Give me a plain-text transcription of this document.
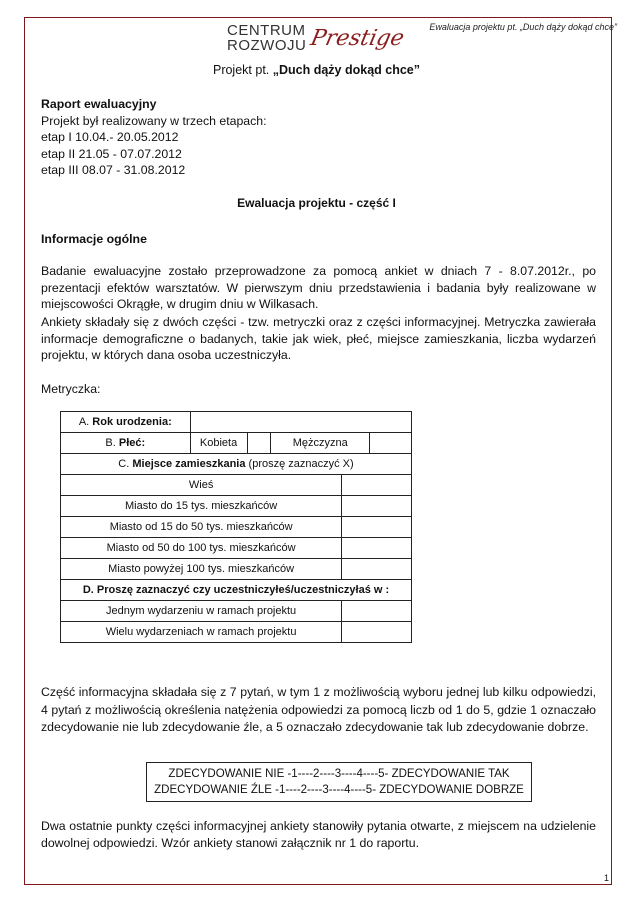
Ewaluacja projektu pt. „Duch dąży dokąd chce”
CENTRUM
ROZWOJU Prestige
Projekt pt. „Duch dąży dokąd chce”
Raport ewaluacyjny
Projekt był realizowany w trzech etapach:
etap I 10.04.- 20.05.2012
etap II 21.05 - 07.07.2012
etap III 08.07 - 31.08.2012
Ewaluacja projektu - część I
Informacje ogólne
Badanie ewaluacyjne zostało przeprowadzone za pomocą ankiet w dniach 7 - 8.07.2012r., po prezentacji efektów warsztatów. W pierwszym dniu przedstawienia i badania były realizowane w miejscowości Okrągłe, w drugim dniu w Wilkasach.
Ankiety składały się z dwóch części - tzw. metryczki oraz z części informacyjnej. Metryczka zawierała informacje demograficzne o badanych, takie jak wiek, płeć, miejsce zamieszkania, liczba wydarzeń projektu, w których dana osoba uczestniczyła.
Metryczka:
A. Rok urodzenia:					
B. Płeć:	Kobieta		Mężczyzna		
C. Miejsce zamieszkania (proszę zaznaczyć X)					
Wieś					
Miasto do 15 tys. mieszkańców					
Miasto od 15 do 50 tys. mieszkańców					
Miasto od 50 do 100 tys. mieszkańców					
Miasto powyżej 100 tys. mieszkańców					
D. Proszę zaznaczyć czy uczestniczyłeś/uczestniczyłaś w :					
Jednym wydarzeniu w ramach projektu					
Wielu wydarzeniach w ramach projektu					
Część informacyjna składała się z 7 pytań, w tym 1 z możliwością wyboru jednej lub kilku odpowiedzi, 4 pytań z możliwością określenia natężenia odpowiedzi za pomocą liczb od 1 do 5, gdzie 1 oznaczało zdecydowanie nie lub zdecydowanie źle, a 5 oznaczało zdecydowanie tak lub zdecydowanie dobrze.
ZDECYDOWANIE NIE -1----2----3----4----5- ZDECYDOWANIE TAK
ZDECYDOWANIE ŹLE -1----2----3----4----5- ZDECYDOWANIE DOBRZE
Dwa ostatnie punkty części informacyjnej ankiety stanowiły pytania otwarte, z miejscem na udzielenie dowolnej odpowiedzi. Wzór ankiety stanowi załącznik nr 1 do raportu.
1
